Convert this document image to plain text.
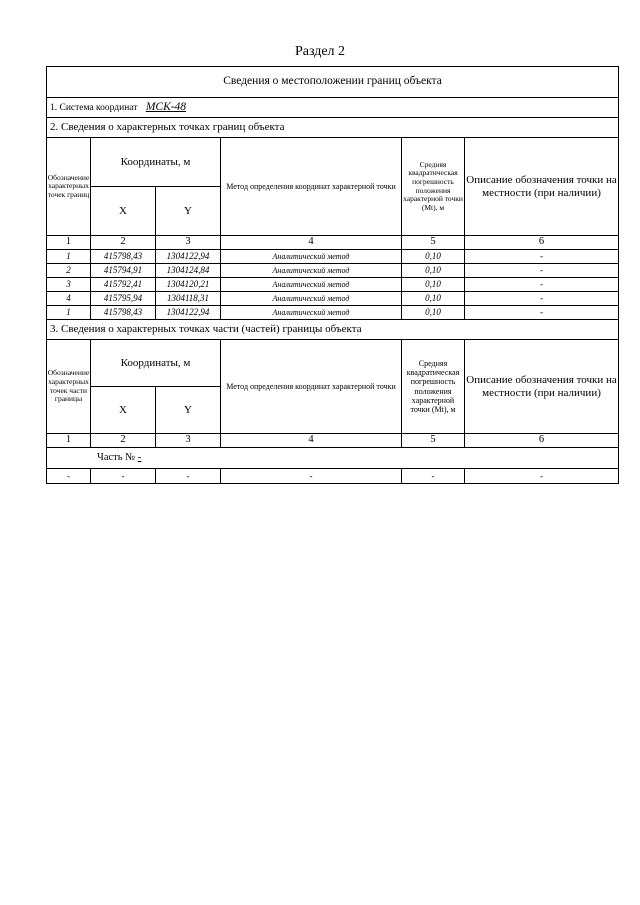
Раздел 2
Сведения о местоположении границ объекта					
1. Система координат МСК-48					
2. Сведения о характерных точках границ объекта					
Обозначение характерных точек границ	Координаты, м		Метод определения координат характерной точки	Средняя квадратическая погрешность положения характерной точки (Mt), м	Описание обозначения точки на местности (при наличии)
	X	Y			
1	2	3	4	5	6
1	415798,43	1304122,94	Аналитический метод	0,10	-
2	415794,91	1304124,84	Аналитический метод	0,10	-
3	415792,41	1304120,21	Аналитический метод	0,10	-
4	415795,94	1304118,31	Аналитический метод	0,10	-
1	415798,43	1304122,94	Аналитический метод	0,10	-
3. Сведения о характерных точках части (частей) границы объекта					
Обозначение характерных точек части границы	Координаты, м		Метод определения координат характерной точки	Средняя квадратическая погрешность положения характерной точки (Mt), м	Описание обозначения точки на местности (при наличии)
	X	Y			
1	2	3	4	5	6
Часть № -					
-	-	-	-	-	-
